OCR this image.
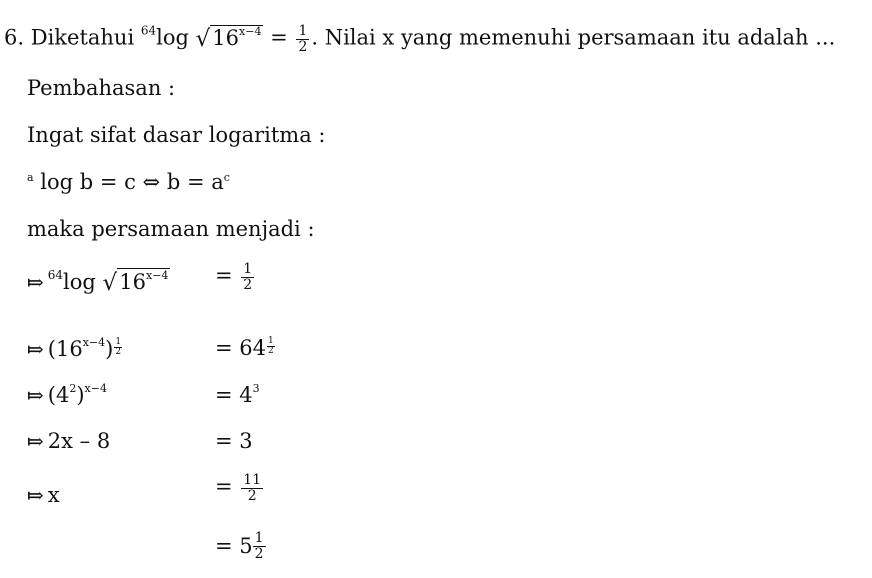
6. Diketahui $^{64}$log $√16^{x-4} = \frac{1}{2}$ . Nilai x yang memenuhi persamaan itu adalah ...
Pembahasan :
Ingat sifat dasar logaritma :
$^a$ log b = c ⇔ $b = a^c$
maka persamaan menjadi :
⤇ $^{64}$log $√16^{x-4} = \frac{1}{2}$
⤇ $(16^{x-4}) \frac{1}{2}$	= $64 \frac{1}{2}$
⤇ $(4^2)^{x-4}$	= $4^3$
⤇ 2x – 8	= 3
⤇ x	= $\frac{11}{2}$
= $5 \frac{1}{2}$
